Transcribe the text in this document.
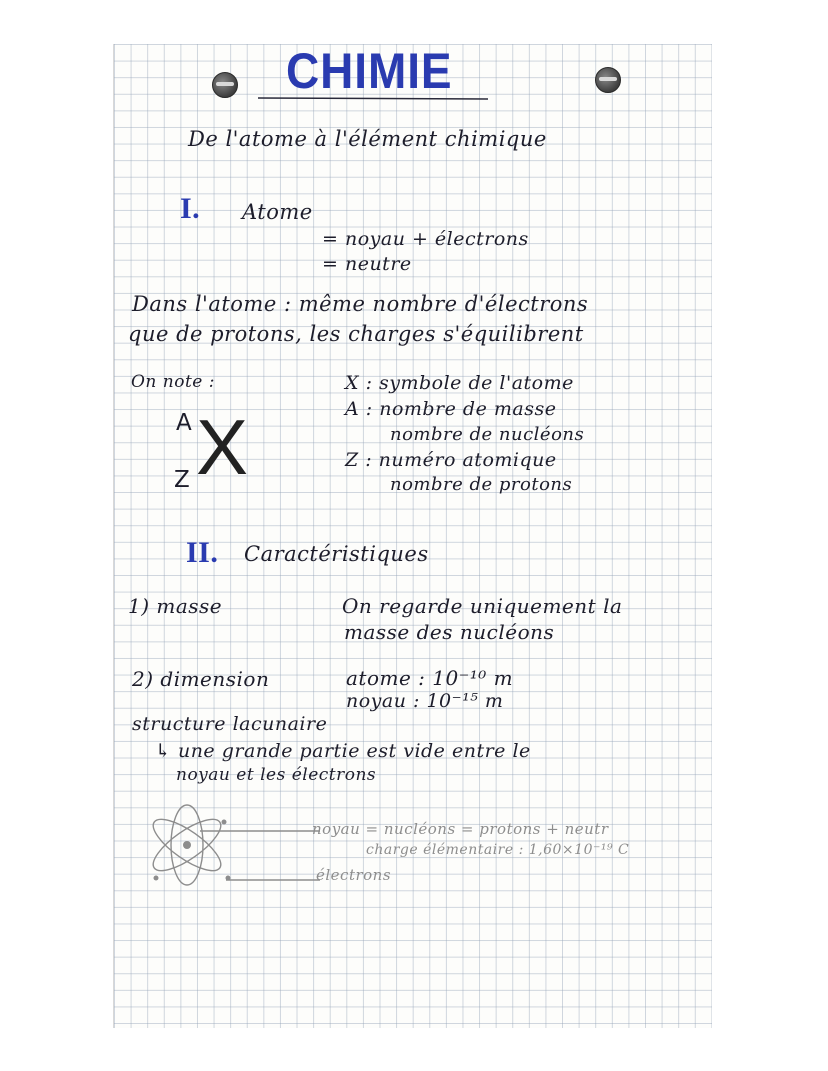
CHIMIE
De l'atome à l'élément chimique
I. Atome
= noyau + électrons
= neutre
Dans l'atome : même nombre d'électrons
que de protons, les charges s'équilibrent
On note :
A
Z X
X : symbole de l'atome
A : nombre de masse
nombre de nucléons
Z : numéro atomique
nombre de protons
II. Caractéristiques
1) masse	On regarde uniquement la
masse des nucléons
2) dimension	atome : 10⁻¹⁰ m
noyau : 10⁻¹⁵ m
structure lacunaire
↳ une grande partie est vide entre le
noyau et les électrons
noyau = nucléons = protons + neutr
charge élémentaire : 1,60×10⁻¹⁹ C
électrons
